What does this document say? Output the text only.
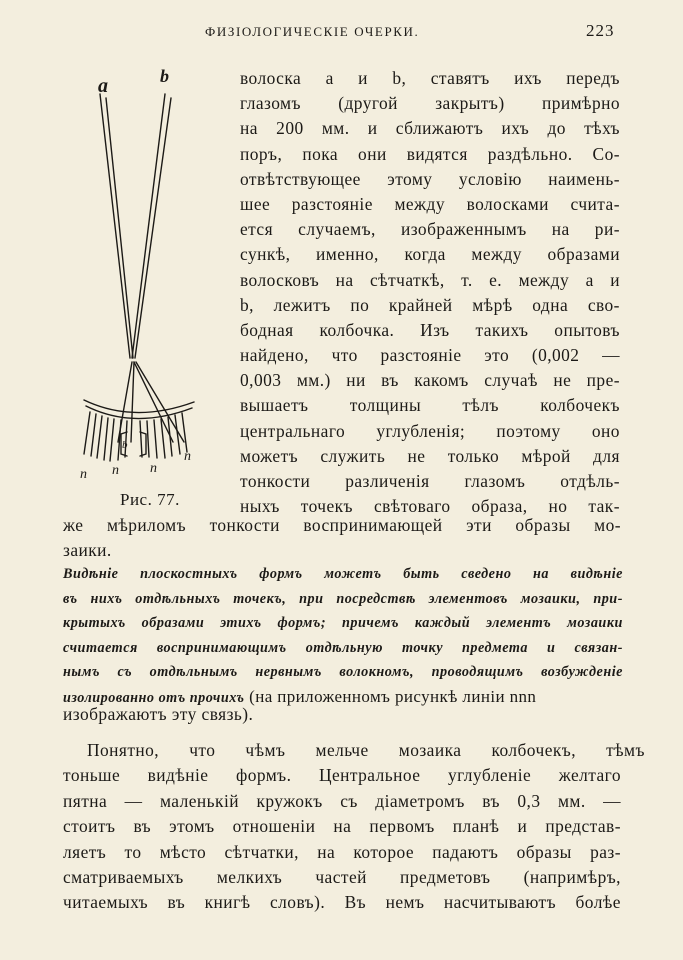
ФИЗIОЛОГИЧЕСКIЕ ОЧЕРКИ.	223
a	b
b
n n n
n
Рис. 77.
волоска а и b, ставятъ ихъ передъ
глазомъ (другой закрытъ) примѣрно
на 200 мм. и сближаютъ ихъ до тѣхъ
поръ, пока они видятся раздѣльно. Со-
отвѣтствующее этому условiю наимень-
шее разстоянiе между волосками счита-
ется случаемъ, изображеннымъ на ри-
сункѣ, именно, когда между образами
волосковъ на сѣтчаткѣ, т. е. между а и
b, лежитъ по крайней мѣрѣ одна сво-
бодная колбочка. Изъ такихъ опытовъ
найдено, что разстоянiе это (0,002 —
0,003 мм.) ни въ какомъ случаѣ не пре-
вышаетъ толщины тѣлъ колбочекъ
центральнаго углубленiя; поэтому оно
можетъ служить не только мѣрой для
тонкости различенiя глазомъ отдѣль-
ныхъ точекъ свѣтоваго образа, но так-
же мѣриломъ тонкости воспринимающей эти образы мо-
заики.
Видѣнiе плоскостныхъ формъ можетъ быть сведено на видѣнiе
въ нихъ отдѣльныхъ точекъ, при посредствѣ элементовъ мозаики, при-
крытыхъ образами этихъ формъ; причемъ каждый элементъ мозаики
считается воспринимающимъ отдѣльную точку предмета и связан-
нымъ съ отдѣльнымъ нервнымъ волокномъ, проводящимъ возбужденiе
изолированно отъ прочихъ (на приложенномъ рисункѣ линiи nnn
изображаютъ эту связь).
Понятно, что чѣмъ мельче мозаика колбочекъ, тѣмъ
тоньше видѣнiе формъ. Центральное углубленiе желтаго
пятна — маленькiй кружокъ съ дiаметромъ въ 0,3 мм. —
стоитъ въ этомъ отношенiи на первомъ планѣ и представ-
ляетъ то мѣсто сѣтчатки, на которое падаютъ образы раз-
сматриваемыхъ мелкихъ частей предметовъ (напримѣръ,
читаемыхъ въ книгѣ словъ). Въ немъ насчитываютъ болѣе
